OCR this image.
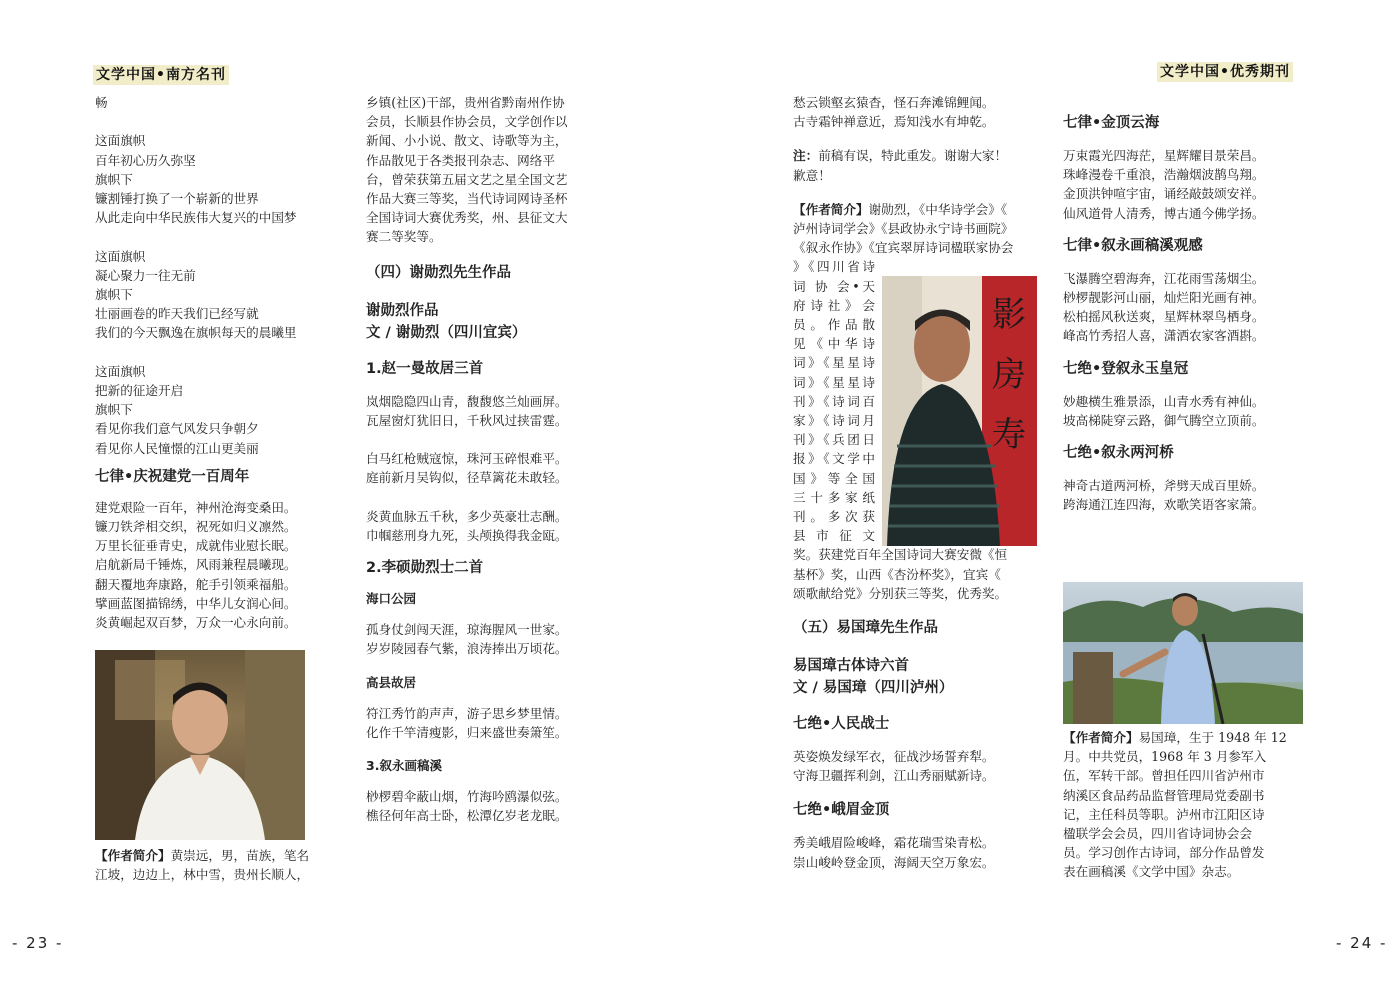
文学中国•南方名刊	文学中国•优秀期刊

畅

这面旗帜

百年初心历久弥坚

旗帜下

镰割锤打换了一个崭新的世界

从此走向中华民族伟大复兴的中国梦

这面旗帜

凝心聚力一往无前

旗帜下

壮丽画卷的昨天我们已经写就

我们的今天飘逸在旗帜每天的晨曦里

这面旗帜

把新的征途开启

旗帜下

看见你我们意气风发只争朝夕

看见你人民憧憬的江山更美丽

七律•庆祝建党一百周年

建党艰险一百年，神州沧海变桑田。

镰刀铁斧相交织，祝死如归义凛然。

万里长征垂青史，成就伟业慰长眠。

启航新局千锤炼，风雨兼程晨曦现。

翻天覆地奔康路，舵手引领乘福船。

擘画蓝图描锦绣，中华儿女润心间。

炎黄崛起双百梦，万众一心永向前。

【作者简介】黄崇远，男，苗族，笔名

江坡，边边上，林中雪，贵州长顺人，

乡镇(社区)干部，贵州省黔南州作协

会员，长顺县作协会员，文学创作以

新闻、小小说、散文、诗歌等为主，

作品散见于各类报刊杂志、网络平

台，曾荣获第五届文艺之星全国文艺

作品大赛三等奖，当代诗词网诗圣杯

全国诗词大赛优秀奖，州、县征文大

赛二等奖等。

（四）谢勋烈先生作品
谢勋烈作品
文 / 谢勋烈（四川宜宾）
1.赵一曼故居三首

岚烟隐隐四山青，馥馥悠兰灿画屏。

瓦屋窗灯犹旧日，千秋风过挟雷霆。

白马红枪贼寇惊，珠河玉碎恨难平。

庭前新月吴钩似，径草篱花未敢轻。

炎黄血脉五千秋，多少英豪壮志酬。

巾帼慈刑身九死，头颅换得我金瓯。

2.李硕勋烈士二首
海口公园

孤身仗剑闯天涯，琼海腥风一世家。

岁岁陵园春气紫，浪涛捧出万顷花。

高县故居

符江秀竹韵声声，游子思乡梦里情。

化作千竿清瘦影，归来盛世奏箫笙。

3.叙永画稿溪

桫椤碧伞蔽山烟，竹海吟鸥瀑似弦。

樵径何年高士卧，松潭亿岁老龙眠。

愁云锁壑玄猿杳，怪石奔滩锦鲤闻。

古寺霜钟禅意近，焉知浅水有坤乾。

注：前稿有误，特此重发。谢谢大家！

歉意！

【作者简介】谢勋烈，《中华诗学会》《

泸州诗词学会》《县政协永宁诗书画院》

《叙永作协》《宜宾翠屏诗词楹联家协会

》《四川省诗

词 协 会•天

府 诗 社 》 会

员 。 作 品 散

见 《 中 华 诗

词》《星星诗

词》《星星诗

刊》《诗词百

家》《诗词月

刊》《兵团日

报》《文学中

国 》 等 全 国

三 十 多 家 纸

刊 。 多 次 获

县 市 征 文

奖。获建党百年全国诗词大赛安微《恒

基杯》奖，山西《杏汾杯奖》，宜宾《

颂歌献给党》分别获三等奖，优秀奖。

（五）易国璋先生作品
易国璋古体诗六首
文 / 易国璋（四川泸州）
七绝•人民战士

英姿焕发绿军衣，征战沙场誓弃犁。

守海卫疆挥利剑，江山秀丽赋新诗。

七绝•峨眉金顶

秀美峨眉险峻峰，霜花瑞雪染青松。

崇山峻岭登金顶，海阔天空万象宏。

影
房
寿
七律•金顶云海

万束霞光四海茫，星辉耀目景荣昌。

珠峰漫卷千重浪，浩瀚烟波鹊鸟翔。

金顶洪钟喧宇宙，诵经敲鼓颂安祥。

仙风道骨人清秀，博古通今佛学扬。

七律•叙永画稿溪观感

飞瀑腾空碧海奔，江花雨雪荡烟尘。

桫椤靓影河山丽，灿烂阳光画有神。

松柏摇风秋送爽，星辉林翠鸟栖身。

峰高竹秀招人喜，潇洒农家客酒斟。

七绝•登叙永玉皇冠

妙趣横生雅景添，山青水秀有神仙。

坡高梯陡穿云路，御气腾空立顶前。

七绝•叙永两河桥

神奇古道两河桥，斧劈天成百里娇。

跨海通江连四海，欢歌笑语客家箫。

【作者简介】易国璋，生于 1948 年 12

月。中共党员，1968 年 3 月参军入

伍，军转干部。曾担任四川省泸州市

纳溪区食品药品监督管理局党委副书

记，主任科员等职。泸州市江阳区诗

楹联学会会员，四川省诗词协会会

员。学习创作古诗词，部分作品曾发

表在画稿溪《文学中国》杂志。

- 23 -	- 24 -
